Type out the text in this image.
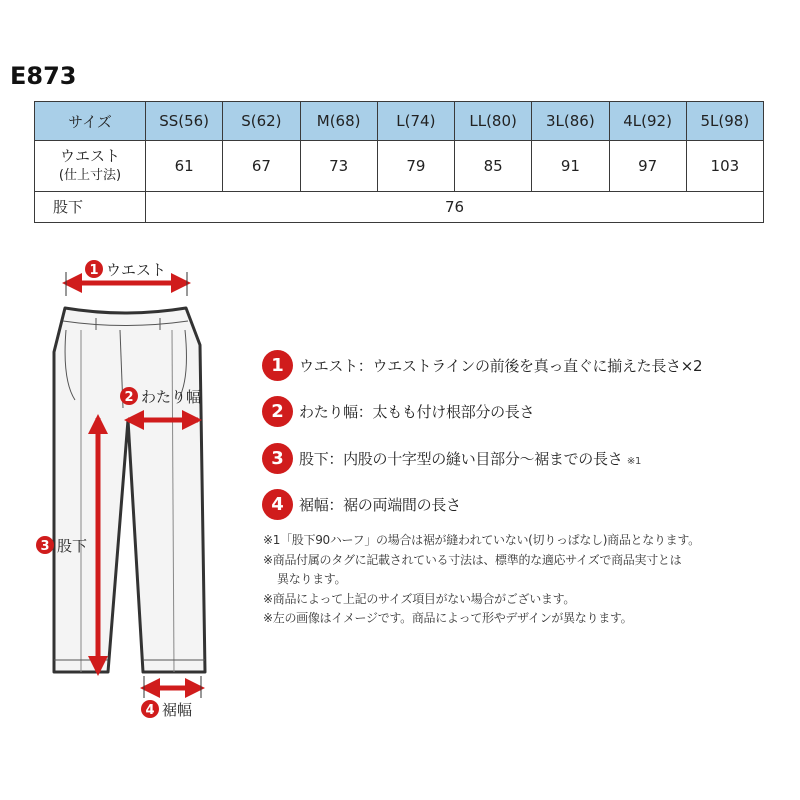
E873
サイズ	SS(56)	S(62)	M(68)	L(74)	LL(80)	3L(86)	4L(92)	5L(98)
ウエスト
(仕上寸法)	61	67	73	79	85	91	97	103
股下	76							
1 ウエスト
2 わたり幅
3 股下
4 裾幅
1	ウエスト：ウエストラインの前後を真っ直ぐに揃えた長さ×2
2	わたり幅：太もも付け根部分の長さ
3	股下：内股の十字型の縫い目部分～裾までの長さ ※1
4	裾幅：裾の両端間の長さ
※1「股下90ハーフ」の場合は裾が縫われていない(切りっぱなし)商品となります。
※商品付属のタグに記載されている寸法は、標準的な適応サイズで商品実寸とは
異なります。
※商品によって上記のサイズ項目がない場合がございます。
※左の画像はイメージです。商品によって形やデザインが異なります。
